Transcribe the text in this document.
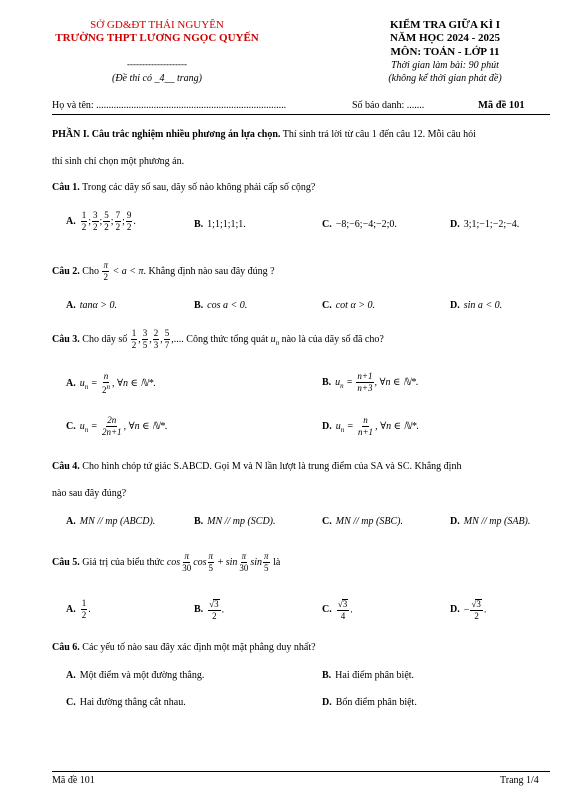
SỞ GD&ĐT THÁI NGUYÊN
TRƯỜNG THPT LƯƠNG NGỌC QUYẾN
--------------------
(Đề thi có _4__ trang)
KIỂM TRA GIỮA KÌ I
NĂM HỌC 2024 - 2025
MÔN: TOÁN - LỚP 11
Thời gian làm bài: 90 phút
(không kể thời gian phát đề)
Họ và tên: ............................................................................	Số báo danh: .......	Mã đề 101
PHẦN I. Câu trắc nghiệm nhiều phương án lựa chọn. Thí sinh trả lời từ câu 1 đến câu 12. Mỗi câu hỏi
thí sinh chỉ chọn một phương án.
Câu 1. Trong các dãy số sau, dãy số nào không phải cấp số cộng?
A. $\frac{1}{2}$ ; $\frac{3}{2}$ ; $\frac{5}{2}$ ; $\frac{7}{2}$ ; $\frac{9}{2}$ .	B. 1;1;1;1;1.	C. −8;−6;−4;−2;0.	D. 3;1;−1;−2;−4.
Câu 2. Cho $\frac{\pi}{2} < a < \pi$. Khẳng định nào sau đây đúng ?
A. tanα > 0.	B. cos a < 0.	C. cot α > 0.	D. sin a < 0.
Câu 3. Cho dãy số $\frac{1}{2}$ , $\frac{3}{5}$ , $\frac{2}{3}$ , $\frac{5}{7}$ ,.... Công thức tổng quát $u_n$ nào là của dãy số đã cho?
A. $u_n = \frac{n}{2^n}$ , ∀n ∈ ℕ*.	B. $u_n = \frac{n+1}{n+3}$ , ∀n ∈ ℕ*.
C. $u_n = \frac{2n}{2n+1}$ , ∀n ∈ ℕ*.	D. $u_n = \frac{n}{n+1}$ , ∀n ∈ ℕ*.
Câu 4. Cho hình chóp tứ giác S.ABCD. Gọi M và N lần lượt là trung điểm của SA và SC. Khẳng định
nào sau đây đúng?
A. MN // mp (ABCD).	B. MN // mp (SCD).	C. MN // mp (SBC).	D. MN // mp (SAB).
Câu 5. Giá trị của biểu thức $\cos \frac{\pi}{30}$ $\cos \frac{\pi}{5} + \sin \frac{\pi}{30}$ $\sin \frac{\pi}{5}$ là
A. $\frac{1}{2}$ .	B. $\frac{√3}{2}$ .	C. $\frac{√3}{4}$ .	D. − $\frac{√3}{2}$ .
Câu 6. Các yếu tố nào sau đây xác định một mặt phẳng duy nhất?
A. Một điểm và một đường thẳng.	B. Hai điểm phân biệt.
C. Hai đường thẳng cắt nhau.	D. Bốn điểm phân biệt.
Mã đề 101	Trang 1/4
